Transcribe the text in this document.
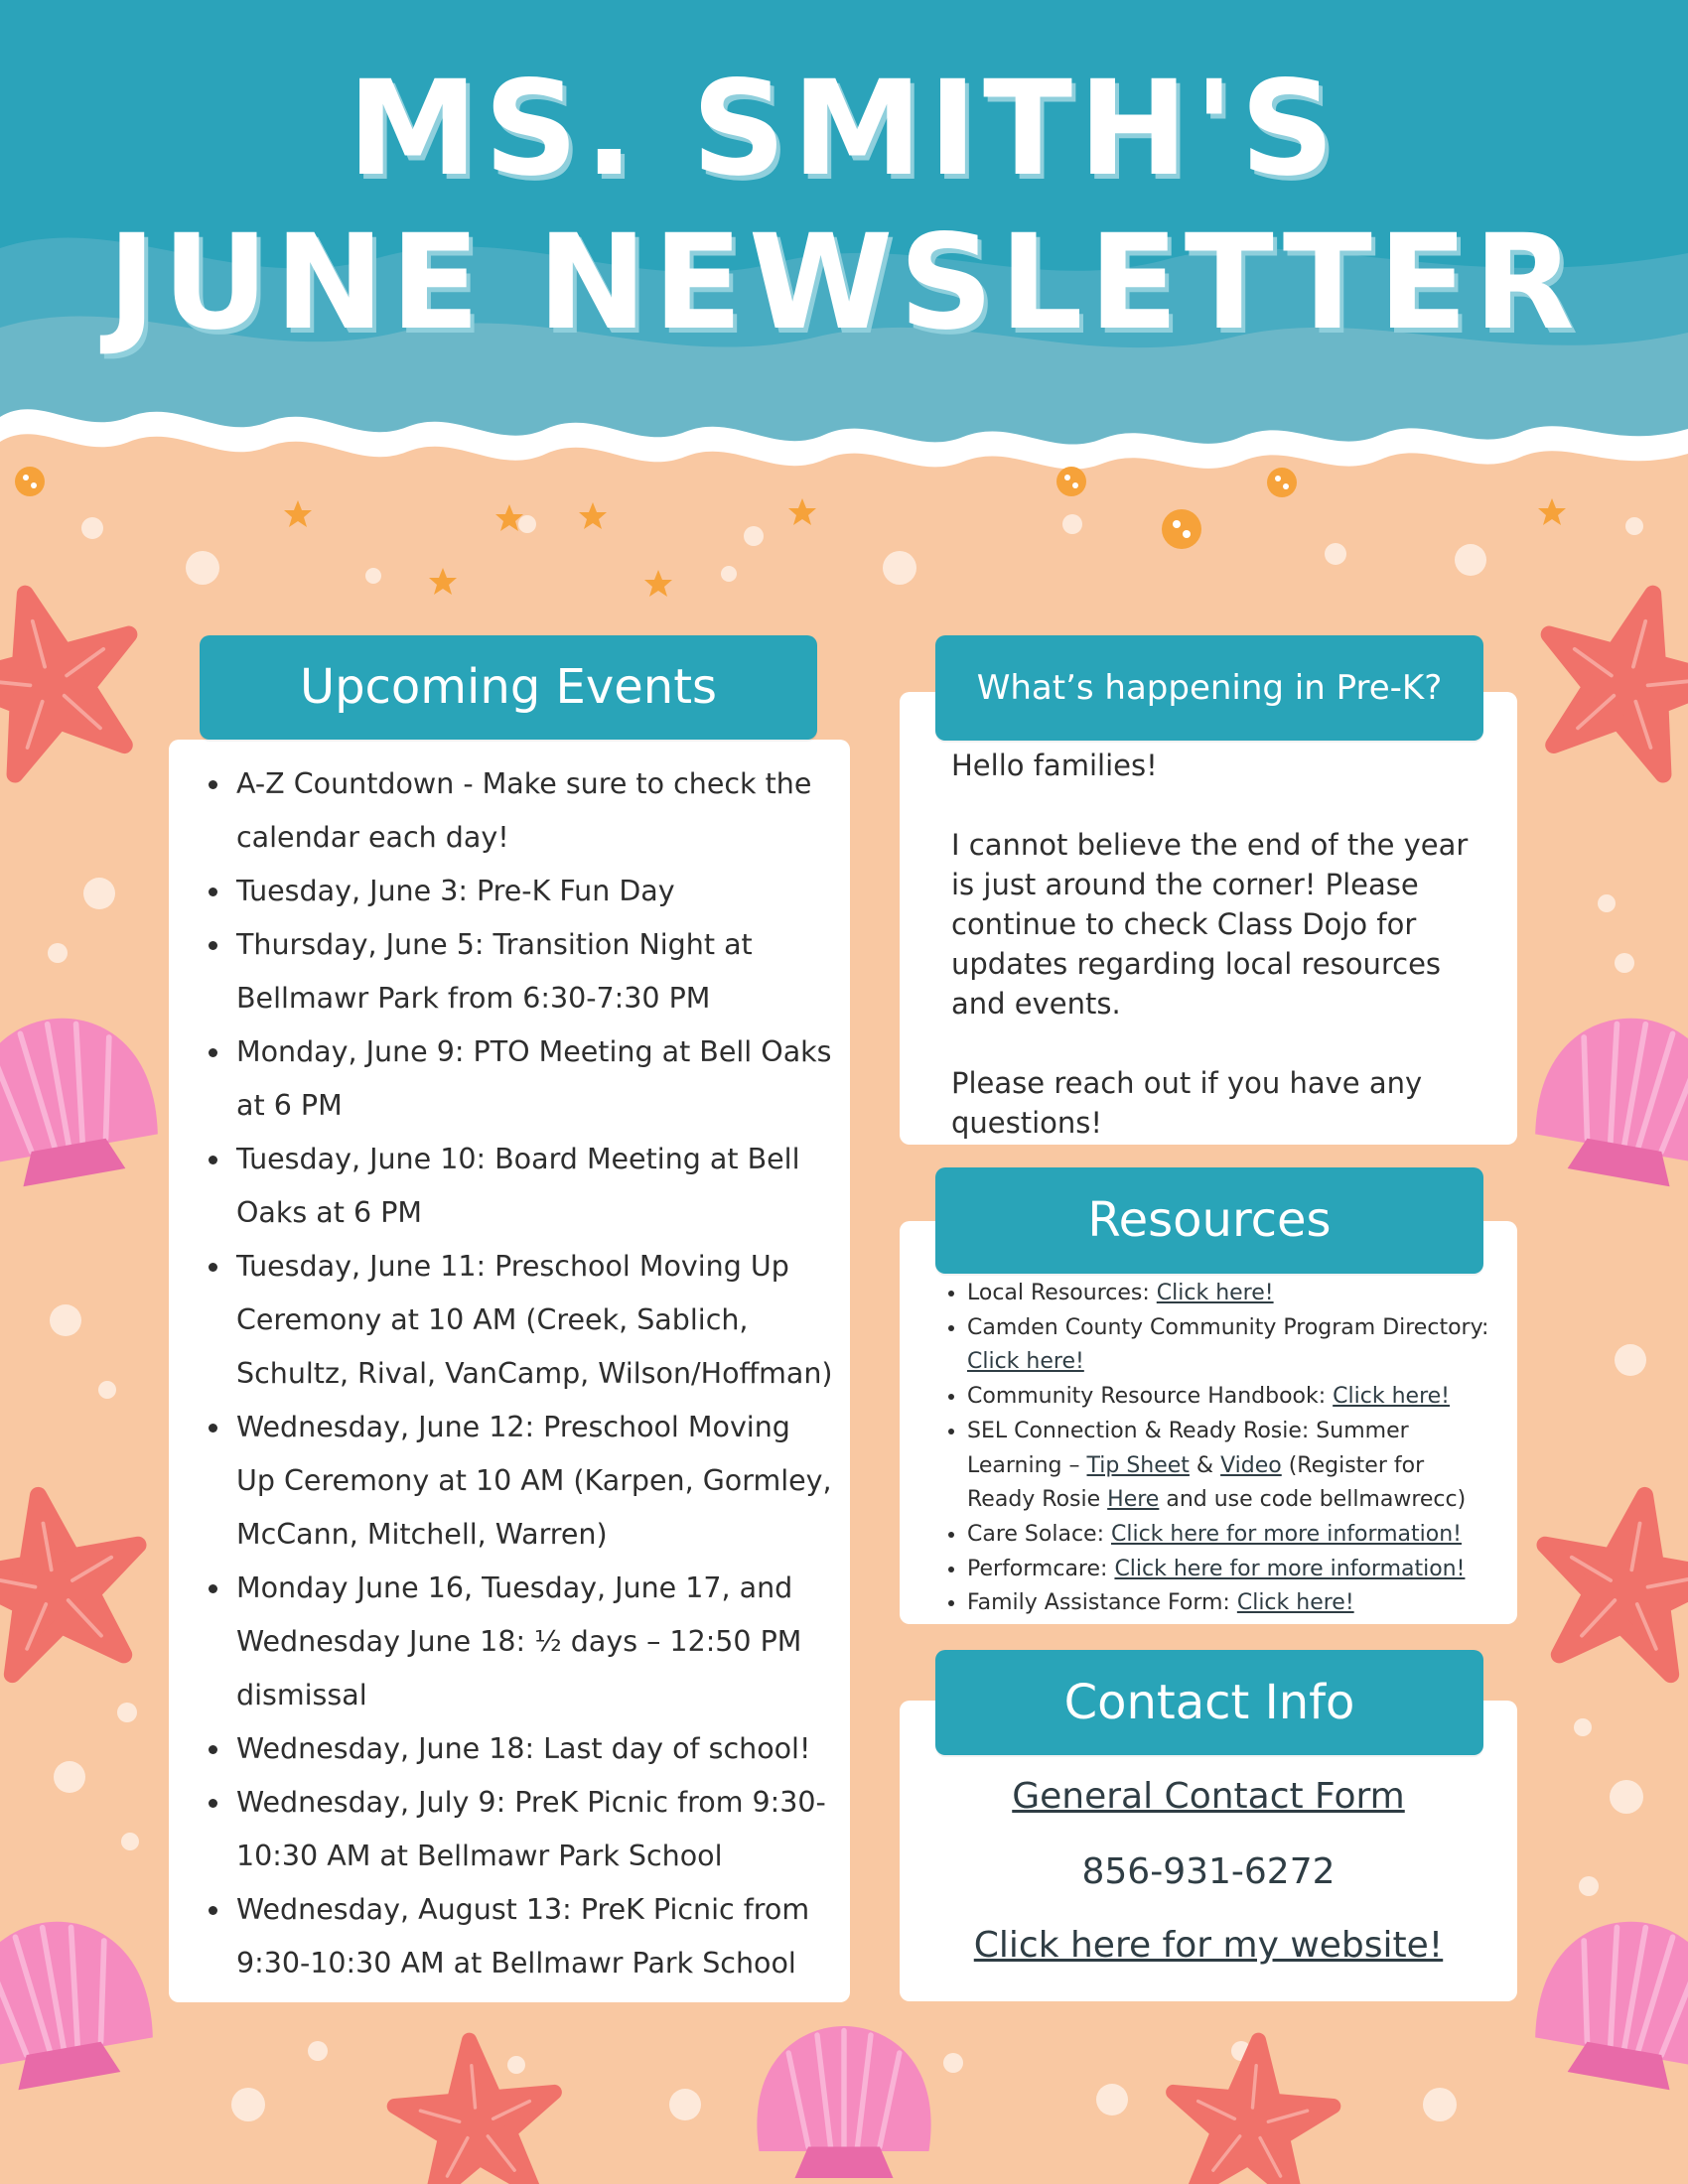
MS. SMITH'S
JUNE NEWSLETTER
• A-Z Countdown - Make sure to check the calendar each day!
• Tuesday, June 3: Pre-K Fun Day
• Thursday, June 5: Transition Night at Bellmawr Park from 6:30-7:30 PM
• Monday, June 9: PTO Meeting at Bell Oaks at 6 PM
• Tuesday, June 10: Board Meeting at Bell Oaks at 6 PM
• Tuesday, June 11: Preschool Moving Up Ceremony at 10 AM (Creek, Sablich, Schultz, Rival, VanCamp, Wilson/Hoffman)
• Wednesday, June 12: Preschool Moving Up Ceremony at 10 AM (Karpen, Gormley, McCann, Mitchell, Warren)
• Monday June 16, Tuesday, June 17, and Wednesday June 18: ½ days – 12:50 PM dismissal
• Wednesday, June 18: Last day of school!
• Wednesday, July 9: PreK Picnic from 9:30-10:30 AM at Bellmawr Park School
• Wednesday, August 13: PreK Picnic from 9:30-10:30 AM at Bellmawr Park School
Upcoming Events

Hello families!

I cannot believe the end of the year is just around the corner! Please continue to check Class Dojo for updates regarding local resources and events.

Please reach out if you have any questions!

What’s happening in Pre-K?
• Local Resources: Click here!
• Camden County Community Program Directory: Click here!
• Community Resource Handbook: Click here!
• SEL Connection & Ready Rosie: Summer Learning – Tip Sheet & Video (Register for Ready Rosie Here and use code bellmawrecc)
• Care Solace: Click here for more information!
• Performcare: Click here for more information!
• Family Assistance Form: Click here!
Resources
General Contact Form
856-931-6272
Click here for my website!
Contact Info
